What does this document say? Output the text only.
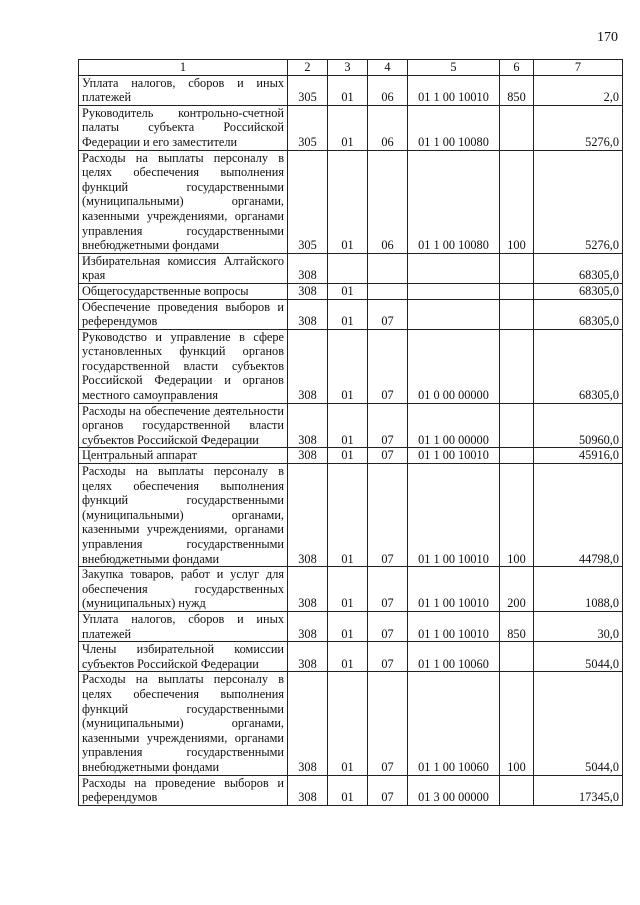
170
1	2	3	4	5	6	7
Уплата налогов, сборов и иных платежей	305	01	06	01 1 00 10010	850	2,0
Руководитель контрольно-счетной палаты субъекта Российской Федерации и его заместители	305	01	06	01 1 00 10080		5276,0
Расходы на выплаты персоналу в целях обеспечения выполнения функций государственными (муниципальными) органами, казенными учреждениями, органами управления государственными внебюджетными фондами	305	01	06	01 1 00 10080	100	5276,0
Избирательная комиссия Алтайского края	308					68305,0
Общегосударственные вопросы	308	01				68305,0
Обеспечение проведения выборов и референдумов	308	01	07			68305,0
Руководство и управление в сфере установленных функций органов государственной власти субъектов Российской Федерации и органов местного самоуправления	308	01	07	01 0 00 00000		68305,0
Расходы на обеспечение деятельности органов государственной власти субъектов Российской Федерации	308	01	07	01 1 00 00000		50960,0
Центральный аппарат	308	01	07	01 1 00 10010		45916,0
Расходы на выплаты персоналу в целях обеспечения выполнения функций государственными (муниципальными) органами, казенными учреждениями, органами управления государственными внебюджетными фондами	308	01	07	01 1 00 10010	100	44798,0
Закупка товаров, работ и услуг для обеспечения государственных (муниципальных) нужд	308	01	07	01 1 00 10010	200	1088,0
Уплата налогов, сборов и иных платежей	308	01	07	01 1 00 10010	850	30,0
Члены избирательной комиссии субъектов Российской Федерации	308	01	07	01 1 00 10060		5044,0
Расходы на выплаты персоналу в целях обеспечения выполнения функций государственными (муниципальными) органами, казенными учреждениями, органами управления государственными внебюджетными фондами	308	01	07	01 1 00 10060	100	5044,0
Расходы на проведение выборов и референдумов	308	01	07	01 3 00 00000		17345,0
